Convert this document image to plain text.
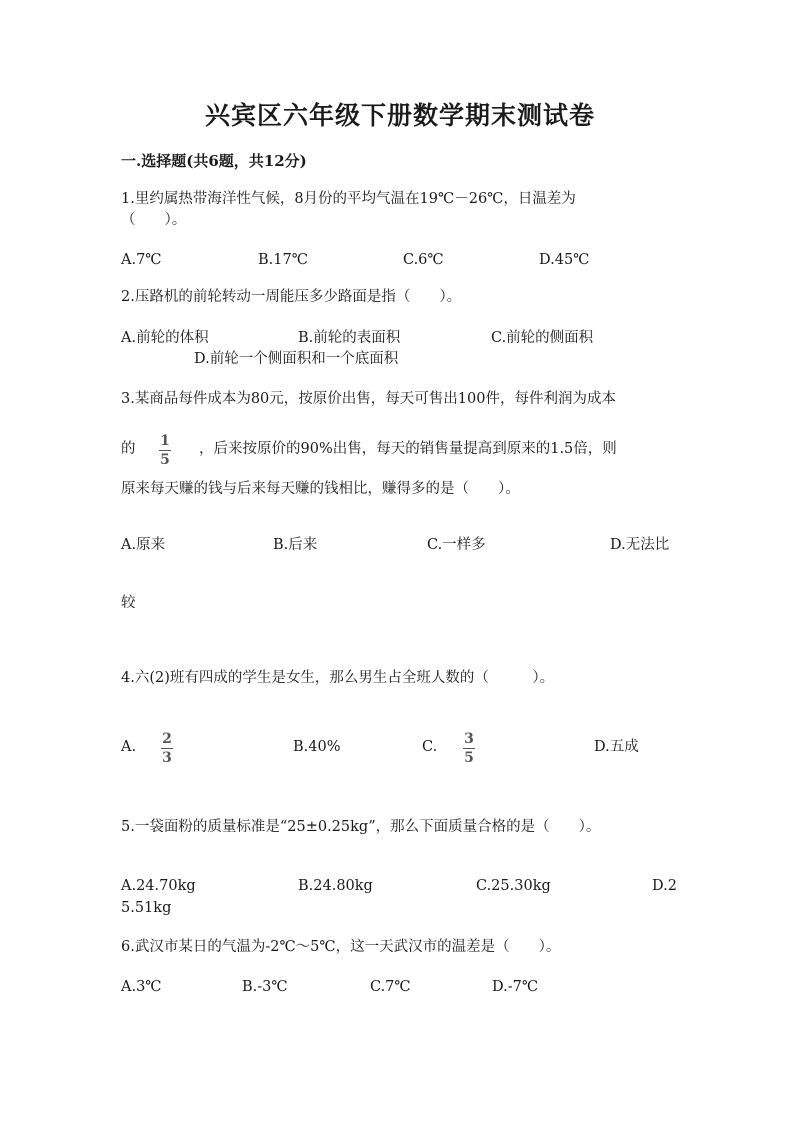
兴宾区六年级下册数学期末测试卷
一.选择题(共6题，共12分)
1.里约属热带海洋性气候，8月份的平均气温在19℃－26℃，日温差为
（　　）。
A.7℃	B.17℃	C.6℃	D.45℃
2.压路机的前轮转动一周能压多少路面是指（　　）。
A.前轮的体积	B.前轮的表面积	C.前轮的侧面积
D.前轮一个侧面积和一个底面积
3.某商品每件成本为80元，按原价出售，每天可售出100件，每件利润为成本
的 1
5
，后来按原价的90%出售，每天的销售量提高到原来的1.5倍，则
原来每天赚的钱与后来每天赚的钱相比，赚得多的是（　　）。
A.原来	B.后来	C.一样多	D.无法比
较
4.六(2)班有四成的学生是女生，那么男生占全班人数的（　　　）。
A. 2
3
B.40%	C. 3
5
D.五成
5.一袋面粉的质量标准是“25±0.25kg”，那么下面质量合格的是（　　）。
A.24.70kg	B.24.80kg	C.25.30kg	D.2
5.51kg
6.武汉市某日的气温为-2℃～5℃，这一天武汉市的温差是（　　）。
A.3℃	B.-3℃	C.7℃	D.-7℃
